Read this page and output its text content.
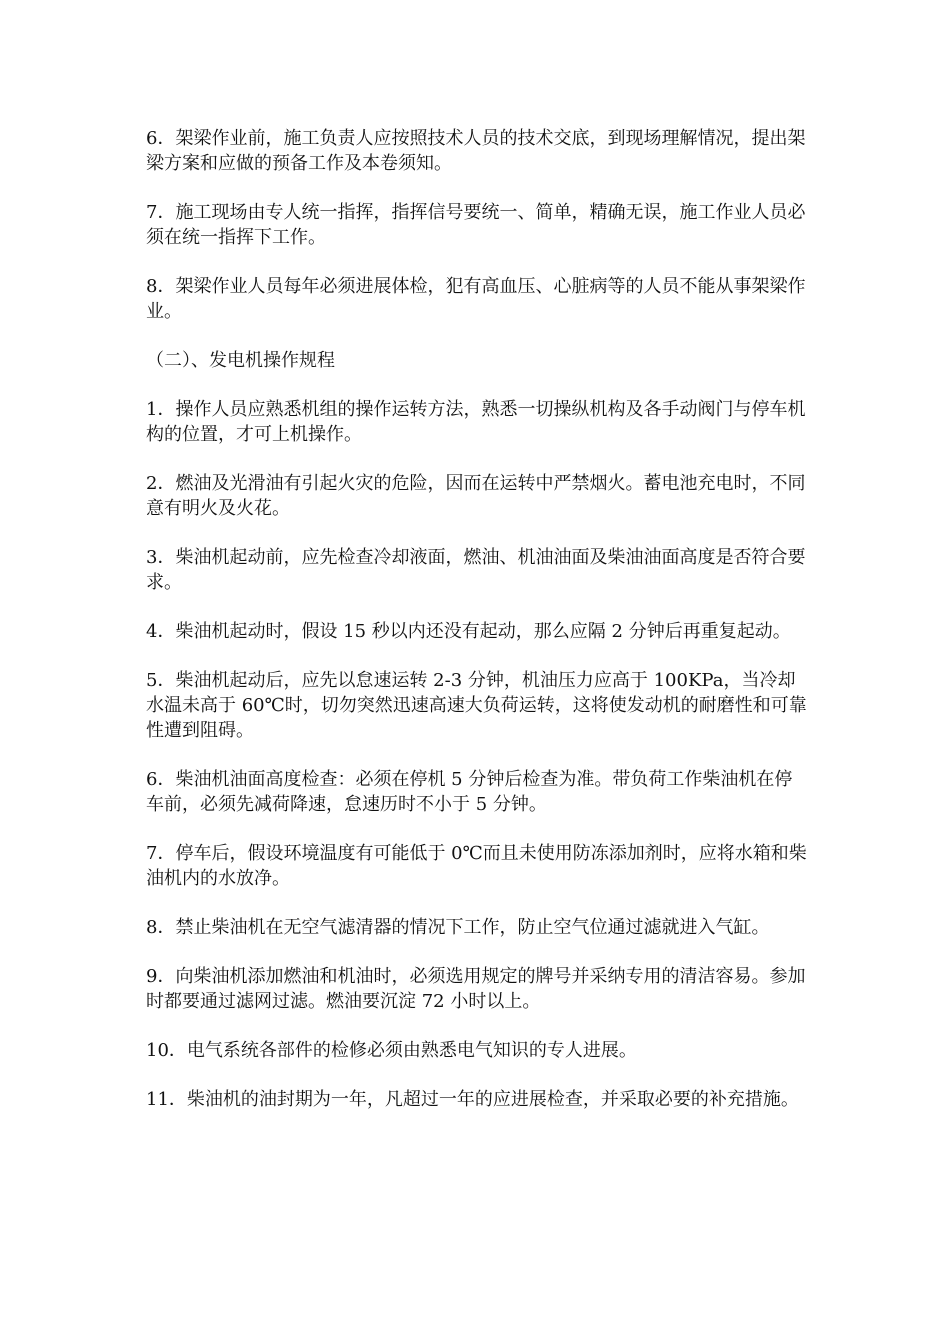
6．架梁作业前，施工负责人应按照技术人员的技术交底，到现场理解情况，提出架梁方案和应做的预备工作及本卷须知。

7．施工现场由专人统一指挥，指挥信号要统一、简单，精确无误，施工作业人员必须在统一指挥下工作。

8．架梁作业人员每年必须进展体检，犯有高血压、心脏病等的人员不能从事架梁作业。

（二）、发电机操作规程

1．操作人员应熟悉机组的操作运转方法，熟悉一切操纵机构及各手动阀门与停车机构的位置，才可上机操作。

2．燃油及光滑油有引起火灾的危险，因而在运转中严禁烟火。蓄电池充电时，不同意有明火及火花。

3．柴油机起动前，应先检查冷却液面，燃油、机油油面及柴油油面高度是否符合要求。

4．柴油机起动时，假设 15 秒以内还没有起动，那么应隔 2 分钟后再重复起动。

5．柴油机起动后，应先以怠速运转 2-3 分钟，机油压力应高于 100KPa，当冷却水温未高于 60℃时，切勿突然迅速高速大负荷运转，这将使发动机的耐磨性和可靠性遭到阻碍。

6．柴油机油面高度检查：必须在停机 5 分钟后检查为准。带负荷工作柴油机在停车前，必须先减荷降速，怠速历时不小于 5 分钟。

7．停车后，假设环境温度有可能低于 0℃而且未使用防冻添加剂时，应将水箱和柴油机内的水放净。

8．禁止柴油机在无空气滤清器的情况下工作，防止空气位通过滤就进入气缸。

9．向柴油机添加燃油和机油时，必须选用规定的牌号并采纳专用的清洁容易。参加时都要通过滤网过滤。燃油要沉淀 72 小时以上。

10．电气系统各部件的检修必须由熟悉电气知识的专人进展。

11．柴油机的油封期为一年，凡超过一年的应进展检查，并采取必要的补充措施。
